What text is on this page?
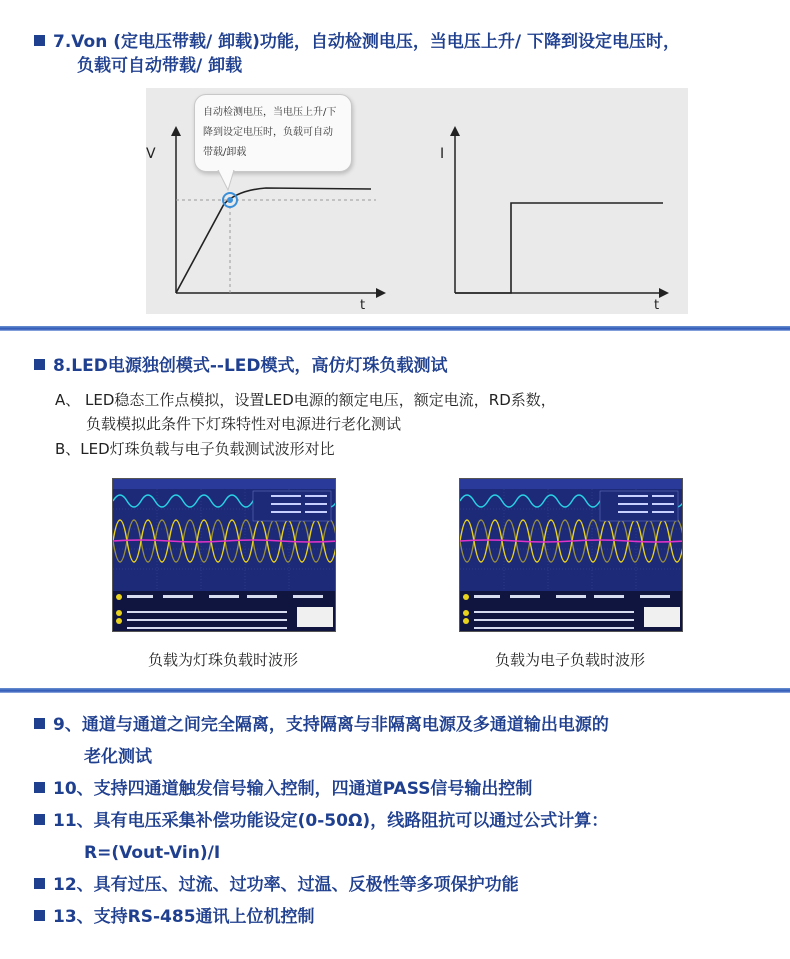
7.Von (定电压带载/ 卸载)功能，自动检测电压，当电压上升/ 下降到设定电压时，
负载可自动带载/ 卸载
V
t
I
t
自动检测电压，当电压上升/下
降到设定电压时，负载可自动
带载/卸载
8.LED电源独创模式--LED模式，高仿灯珠负载测试
A、 LED稳态工作点模拟，设置LED电源的额定电压，额定电流，RD系数，
负载模拟此条件下灯珠特性对电源进行老化测试
B、LED灯珠负载与电子负载测试波形对比
负载为灯珠负载时波形	负载为电子负载时波形
9、通道与通道之间完全隔离，支持隔离与非隔离电源及多通道输出电源的
老化测试
10、支持四通道触发信号输入控制，四通道PASS信号输出控制
11、具有电压采集补偿功能设定(0-50Ω)，线路阻抗可以通过公式计算：
R=(Vout-Vin)/I
12、具有过压、过流、过功率、过温、反极性等多项保护功能
13、支持RS-485通讯上位机控制
